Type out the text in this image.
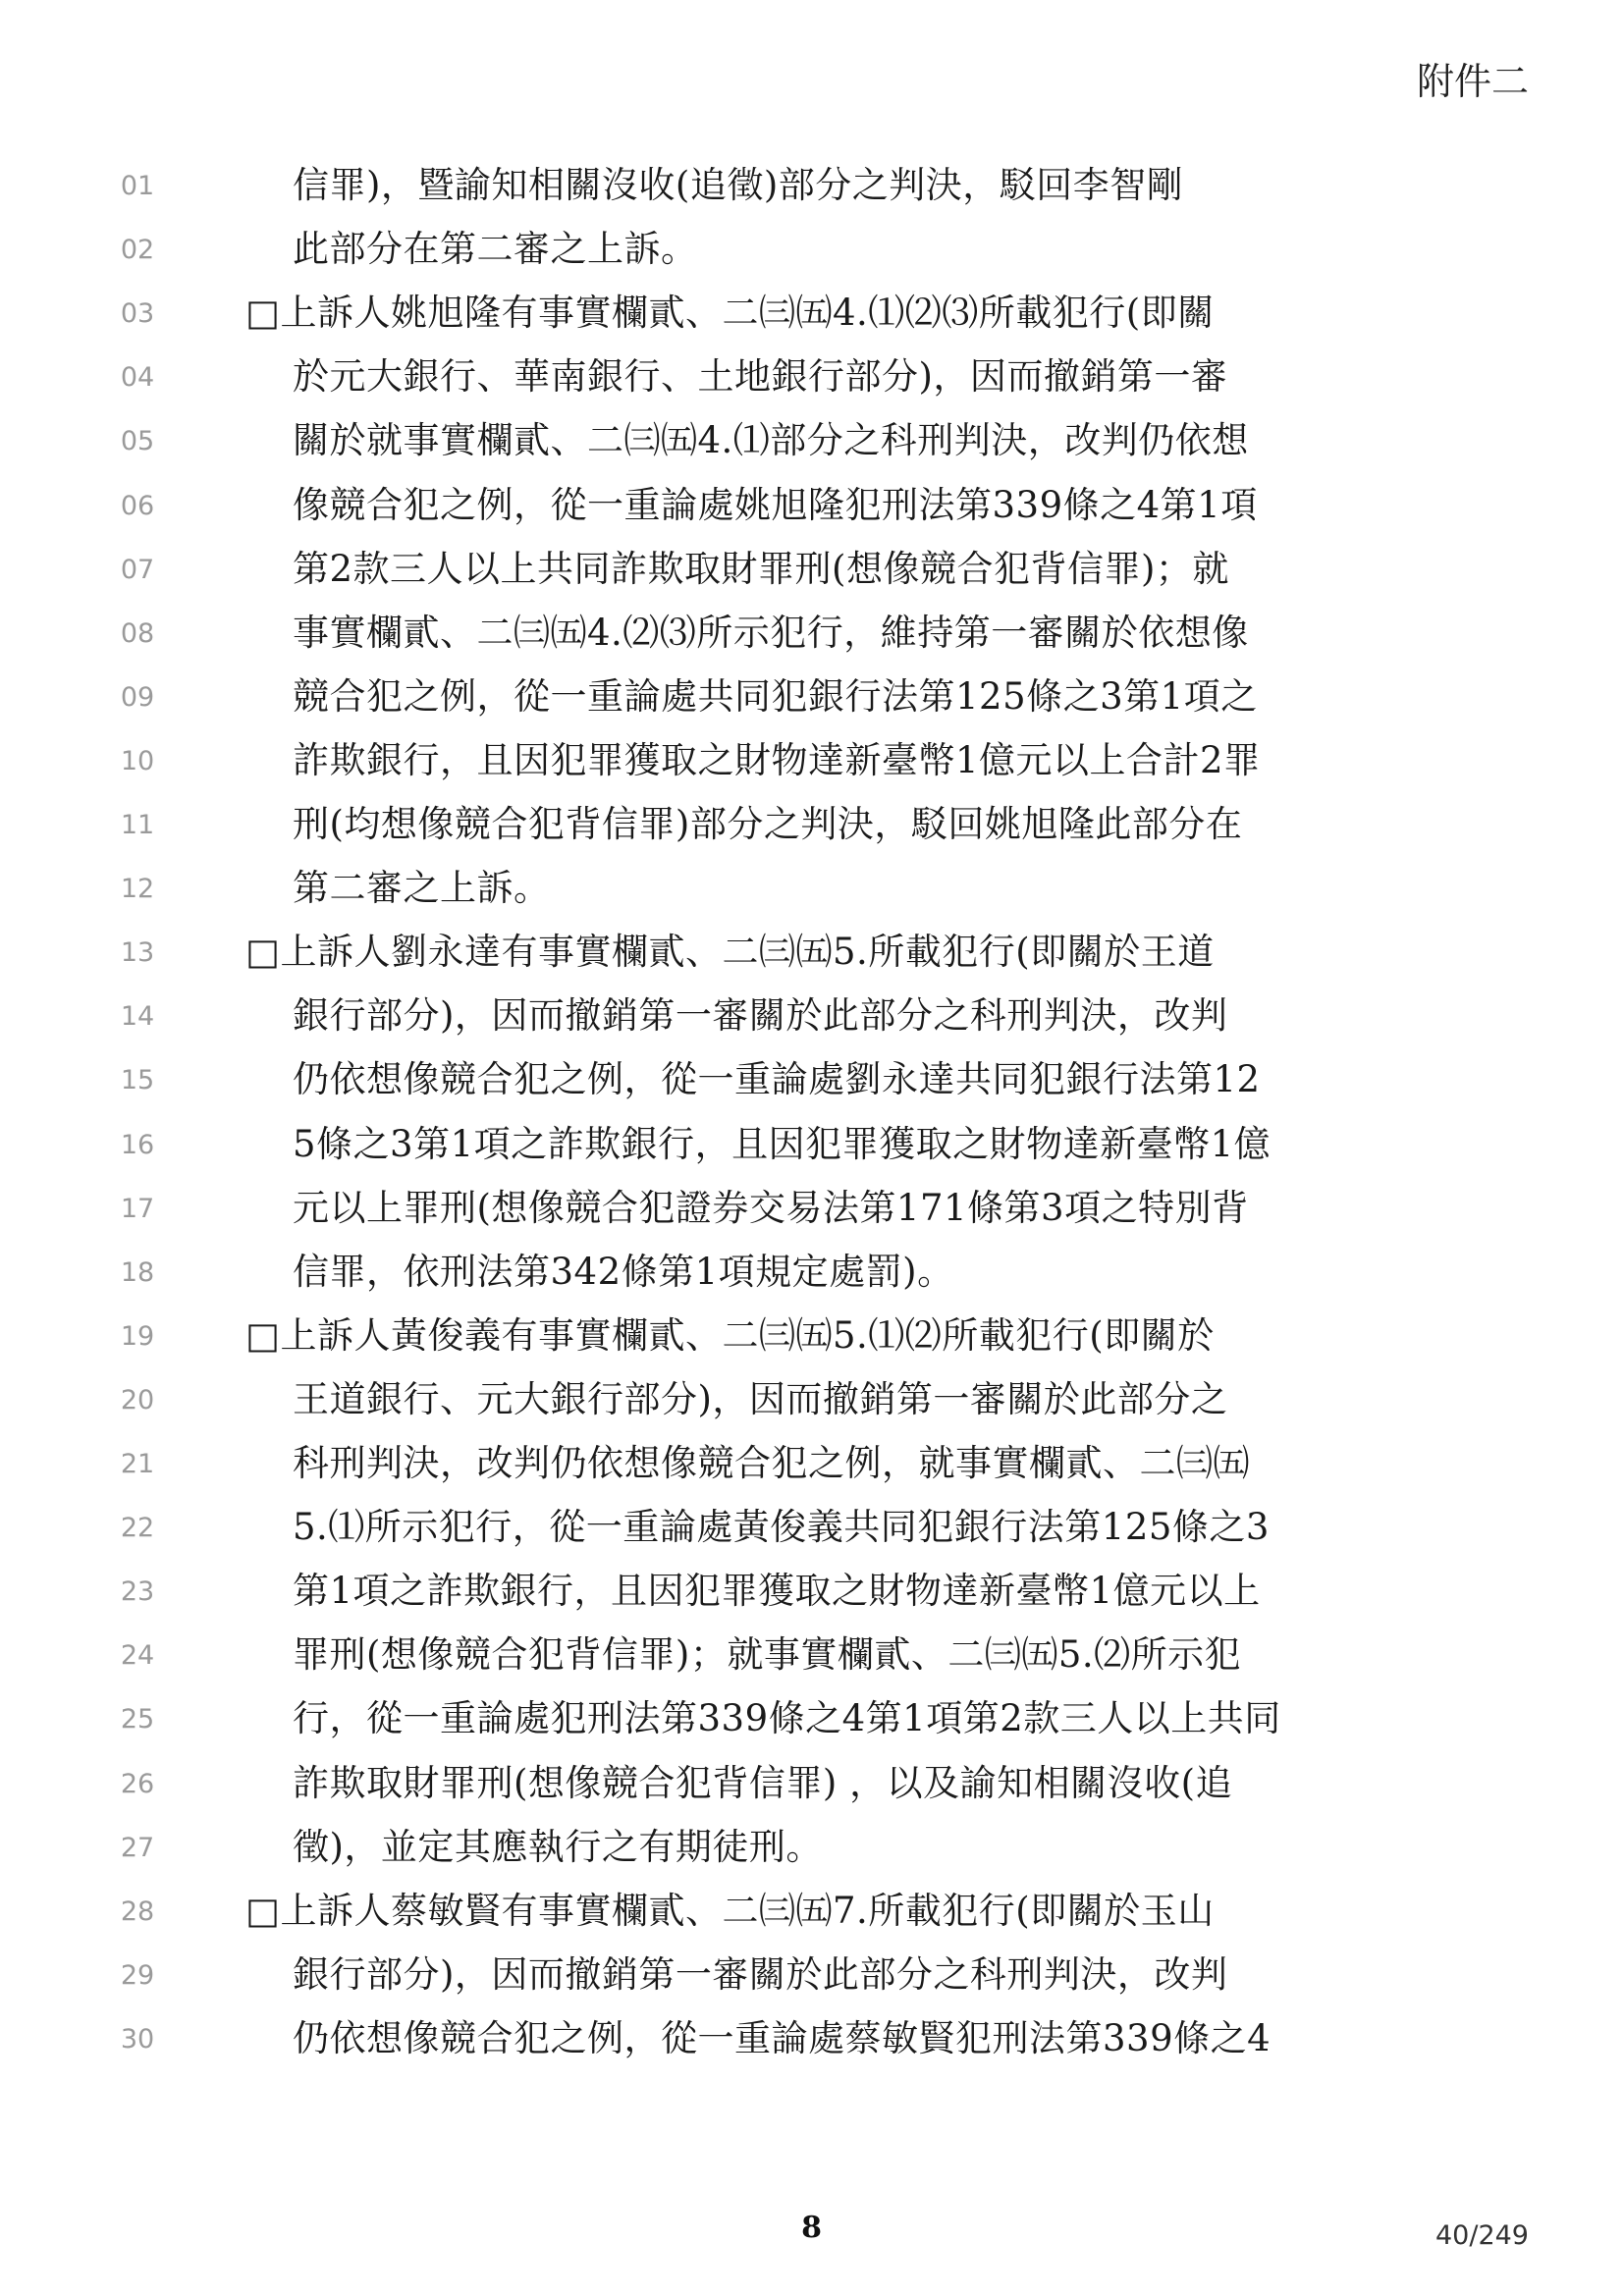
附件二
01
02
03
04
05
06
07
08
09
10
11
12
13
14
15
16
17
18
19
20
21
22
23
24
25
26
27
28
29
30
信罪)，暨諭知相關沒收(追徵)部分之判決，駁回李智剛
此部分在第二審之上訴。
□上訴人姚旭隆有事實欄貳、二㈢㈤4.⑴⑵⑶所載犯行(即關
於元大銀行、華南銀行、土地銀行部分)，因而撤銷第一審
關於就事實欄貳、二㈢㈤4.⑴部分之科刑判決，改判仍依想
像競合犯之例，從一重論處姚旭隆犯刑法第339條之4第1項
第2款三人以上共同詐欺取財罪刑(想像競合犯背信罪)；就
事實欄貳、二㈢㈤4.⑵⑶所示犯行，維持第一審關於依想像
競合犯之例，從一重論處共同犯銀行法第125條之3第1項之
詐欺銀行，且因犯罪獲取之財物達新臺幣1億元以上合計2罪
刑(均想像競合犯背信罪)部分之判決，駁回姚旭隆此部分在
第二審之上訴。
□上訴人劉永達有事實欄貳、二㈢㈤5.所載犯行(即關於王道
銀行部分)，因而撤銷第一審關於此部分之科刑判決，改判
仍依想像競合犯之例，從一重論處劉永達共同犯銀行法第12
5條之3第1項之詐欺銀行，且因犯罪獲取之財物達新臺幣1億
元以上罪刑(想像競合犯證券交易法第171條第3項之特別背
信罪，依刑法第342條第1項規定處罰)。
□上訴人黃俊義有事實欄貳、二㈢㈤5.⑴⑵所載犯行(即關於
王道銀行、元大銀行部分)，因而撤銷第一審關於此部分之
科刑判決，改判仍依想像競合犯之例，就事實欄貳、二㈢㈤
5.⑴所示犯行，從一重論處黃俊義共同犯銀行法第125條之3
第1項之詐欺銀行，且因犯罪獲取之財物達新臺幣1億元以上
罪刑(想像競合犯背信罪)；就事實欄貳、二㈢㈤5.⑵所示犯
行，從一重論處犯刑法第339條之4第1項第2款三人以上共同
詐欺取財罪刑(想像競合犯背信罪) ，以及諭知相關沒收(追
徵)，並定其應執行之有期徒刑。
□上訴人蔡敏賢有事實欄貳、二㈢㈤7.所載犯行(即關於玉山
銀行部分)，因而撤銷第一審關於此部分之科刑判決，改判
仍依想像競合犯之例，從一重論處蔡敏賢犯刑法第339條之4
8	40/249
